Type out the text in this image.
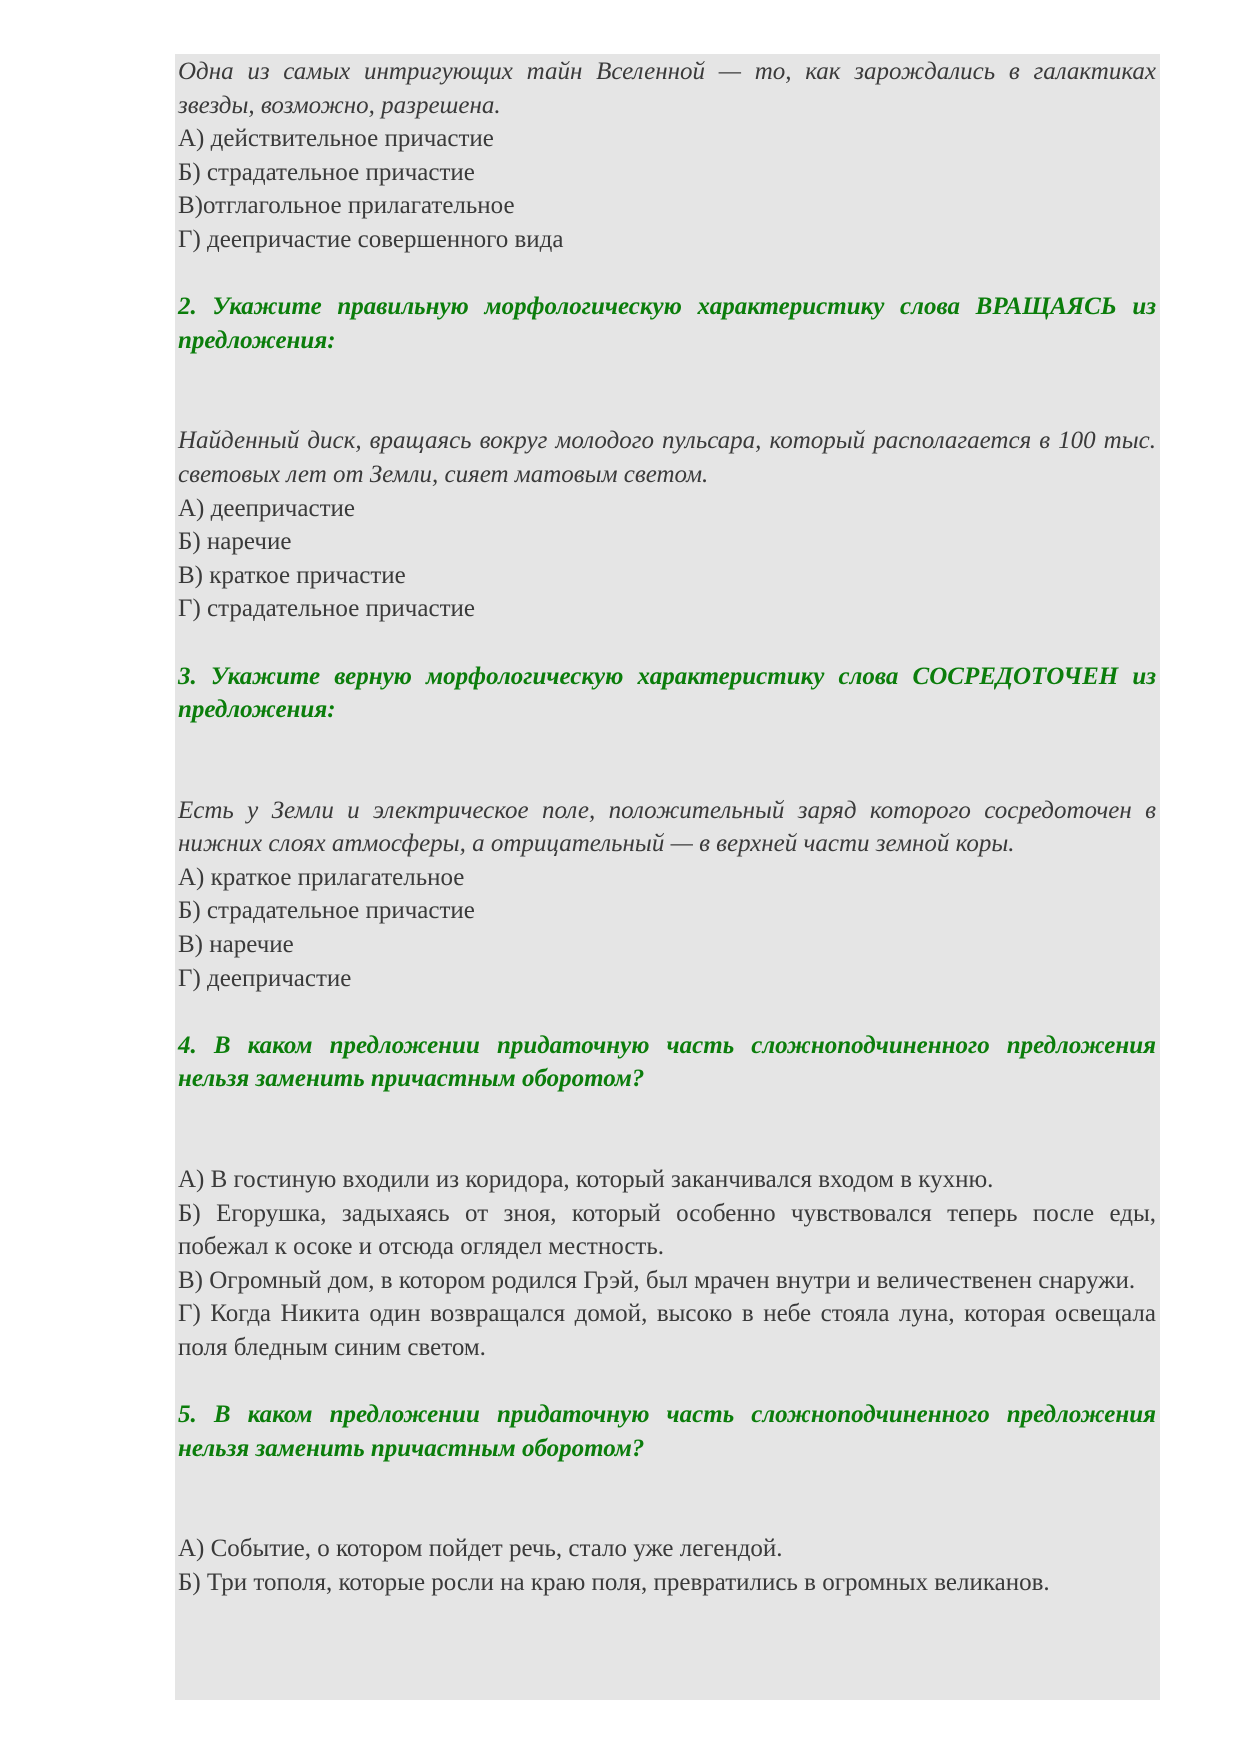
Одна из самых интригующих тайн Вселенной — то, как зарождались в галактиках звезды, возможно, разрешена.

А) действительное причастие

Б) страдательное причастие

В)отглагольное прилагательное

Г) деепричастие совершенного вида

2. Укажите правильную морфологическую характеристику слова ВРАЩАЯСЬ из предложения:

Найденный диск, вращаясь вокруг молодого пульсара, который располагается в 100 тыс. световых лет от Земли, сияет матовым светом.

А) деепричастие

Б) наречие

В) краткое причастие

Г) страдательное причастие

3. Укажите верную морфологическую характеристику слова СОСРЕДОТОЧЕН из предложения:

Есть у Земли и электрическое поле, положительный заряд которого сосредоточен в нижних слоях атмосферы, а отрицательный — в верхней части земной коры.

А) краткое прилагательное

Б) страдательное причастие

В) наречие

Г) деепричастие

4. В каком предложении придаточную часть сложноподчиненного предложения нельзя заменить причастным оборотом?

А) В гостиную входили из коридора, который заканчивался входом в кухню.

Б) Егорушка, задыхаясь от зноя, который особенно чувствовался теперь после еды, побежал к осоке и отсюда оглядел местность.

В) Огромный дом, в котором родился Грэй, был мрачен внутри и величественен снаружи.

Г) Когда Никита один возвращался домой, высоко в небе стояла луна, которая освещала поля бледным синим светом.

5. В каком предложении придаточную часть сложноподчиненного предложения нельзя заменить причастным оборотом?

А) Событие, о котором пойдет речь, стало уже легендой.

Б) Три тополя, которые росли на краю поля, превратились в огромных великанов.
